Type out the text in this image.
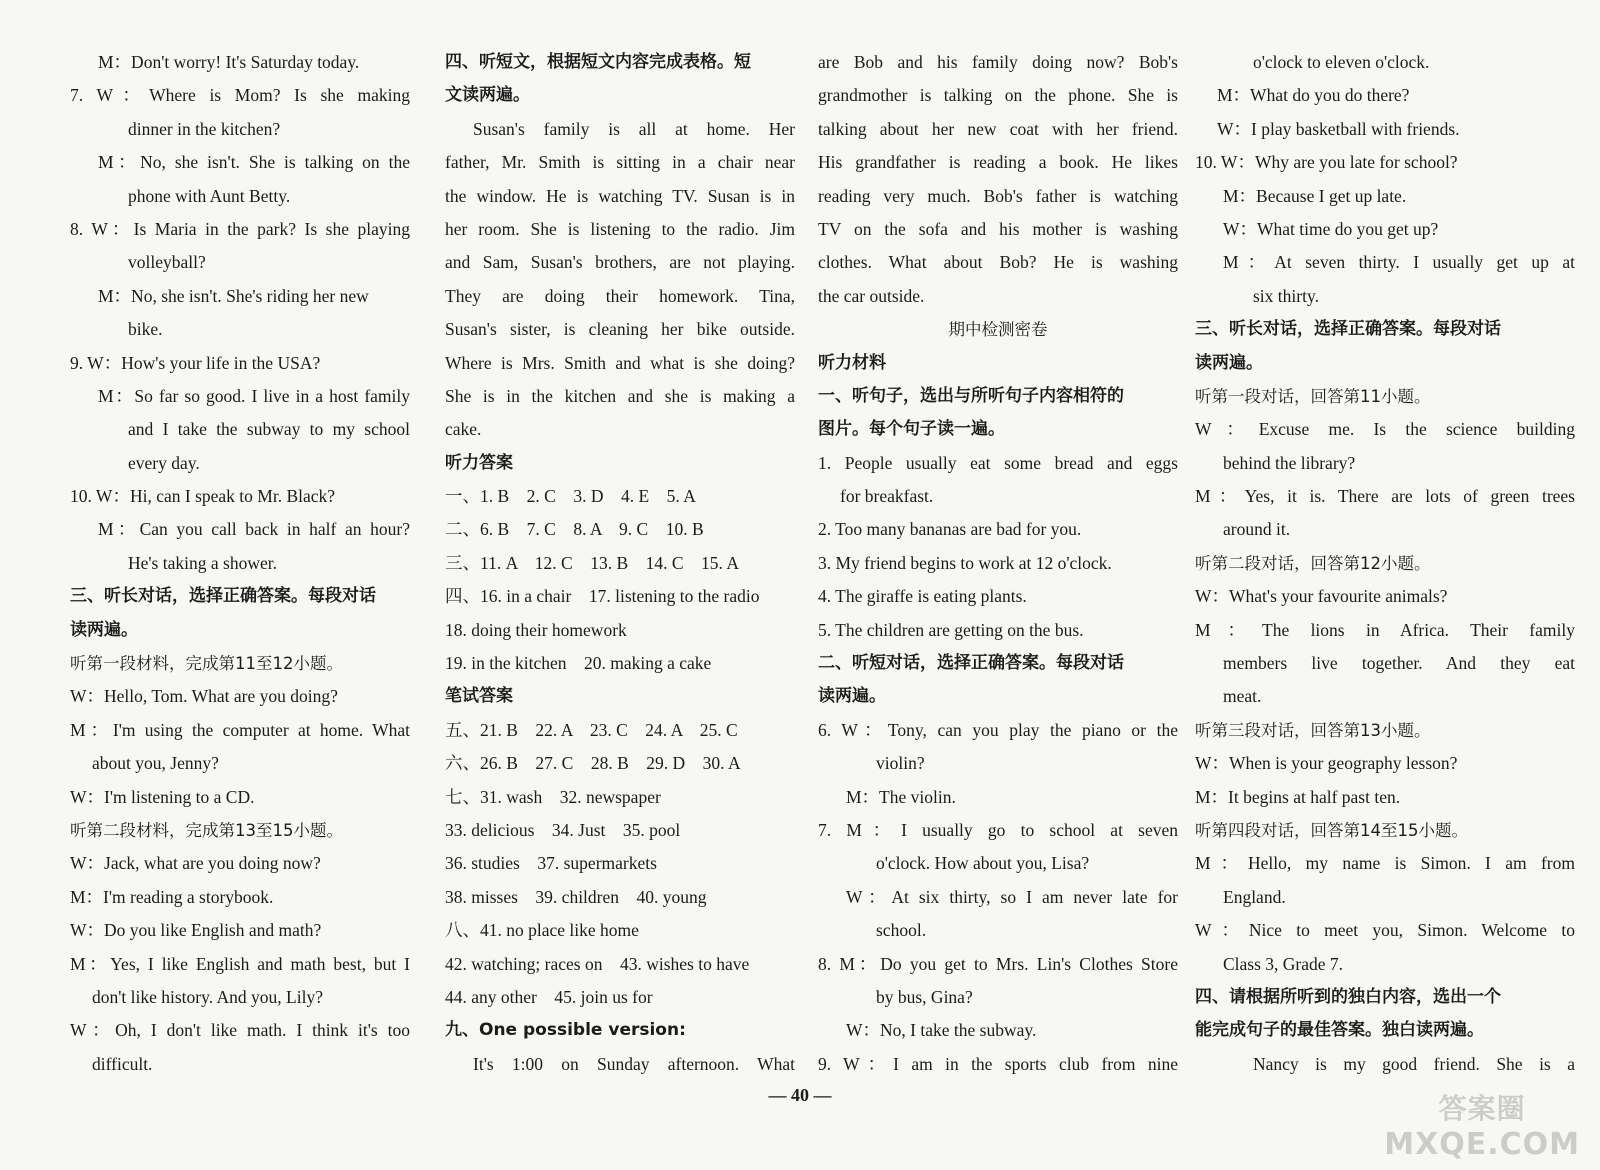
M：Don't worry! It's Saturday today.
7. W：Where is Mom? Is she making
dinner in the kitchen?
M：No, she isn't. She is talking on the
phone with Aunt Betty.
8. W：Is Maria in the park? Is she playing
volleyball?
M：No, she isn't. She's riding her new
bike.
9. W：How's your life in the USA?
M：So far so good. I live in a host family
and I take the subway to my school
every day.
10. W：Hi, can I speak to Mr. Black?
M：Can you call back in half an hour?
He's taking a shower.
三、听长对话，选择正确答案。每段对话
读两遍。
听第一段材料，完成第11至12小题。
W：Hello, Tom. What are you doing?
M：I'm using the computer at home. What
about you, Jenny?
W：I'm listening to a CD.
听第二段材料，完成第13至15小题。
W：Jack, what are you doing now?
M：I'm reading a storybook.
W：Do you like English and math?
M：Yes, I like English and math best, but I
don't like history. And you, Lily?
W：Oh, I don't like math. I think it's too
difficult.
四、听短文，根据短文内容完成表格。短
文读两遍。
Susan's family is all at home. Her
father, Mr. Smith is sitting in a chair near
the window. He is watching TV. Susan is in
her room. She is listening to the radio. Jim
and Sam, Susan's brothers, are not playing.
They are doing their homework. Tina,
Susan's sister, is cleaning her bike outside.
Where is Mrs. Smith and what is she doing?
She is in the kitchen and she is making a
cake.
听力答案
一、1. B　2. C　3. D　4. E　5. A
二、6. B　7. C　8. A　9. C　10. B
三、11. A　12. C　13. B　14. C　15. A
四、16. in a chair　17. listening to the radio
18. doing their homework
19. in the kitchen　20. making a cake
笔试答案
五、21. B　22. A　23. C　24. A　25. C
六、26. B　27. C　28. B　29. D　30. A
七、31. wash　32. newspaper
33. delicious　34. Just　35. pool
36. studies　37. supermarkets
38. misses　39. children　40. young
八、41. no place like home
42. watching; races on　43. wishes to have
44. any other　45. join us for
九、One possible version:
It's 1:00 on Sunday afternoon. What
are Bob and his family doing now? Bob's
grandmother is talking on the phone. She is
talking about her new coat with her friend.
His grandfather is reading a book. He likes
reading very much. Bob's father is watching
TV on the sofa and his mother is washing
clothes. What about Bob? He is washing
the car outside.
期中检测密卷
听力材料
一、听句子，选出与所听句子内容相符的
图片。每个句子读一遍。
1. People usually eat some bread and eggs
for breakfast.
2. Too many bananas are bad for you.
3. My friend begins to work at 12 o'clock.
4. The giraffe is eating plants.
5. The children are getting on the bus.
二、听短对话，选择正确答案。每段对话
读两遍。
6. W：Tony, can you play the piano or the
violin?
M：The violin.
7. M：I usually go to school at seven
o'clock. How about you, Lisa?
W：At six thirty, so I am never late for
school.
8. M：Do you get to Mrs. Lin's Clothes Store
by bus, Gina?
W：No, I take the subway.
9. W：I am in the sports club from nine
o'clock to eleven o'clock.
M：What do you do there?
W：I play basketball with friends.
10. W：Why are you late for school?
M：Because I get up late.
W：What time do you get up?
M：At seven thirty. I usually get up at
six thirty.
三、听长对话，选择正确答案。每段对话
读两遍。
听第一段对话，回答第11小题。
W：Excuse me. Is the science building
behind the library?
M：Yes, it is. There are lots of green trees
around it.
听第二段对话，回答第12小题。
W：What's your favourite animals?
M：The lions in Africa. Their family
members live together. And they eat
meat.
听第三段对话，回答第13小题。
W：When is your geography lesson?
M：It begins at half past ten.
听第四段对话，回答第14至15小题。
M：Hello, my name is Simon. I am from
England.
W：Nice to meet you, Simon. Welcome to
Class 3, Grade 7.
四、请根据所听到的独白内容，选出一个
能完成句子的最佳答案。独白读两遍。
Nancy is my good friend. She is a
— 40 —	答案圈
MXQE.COM
